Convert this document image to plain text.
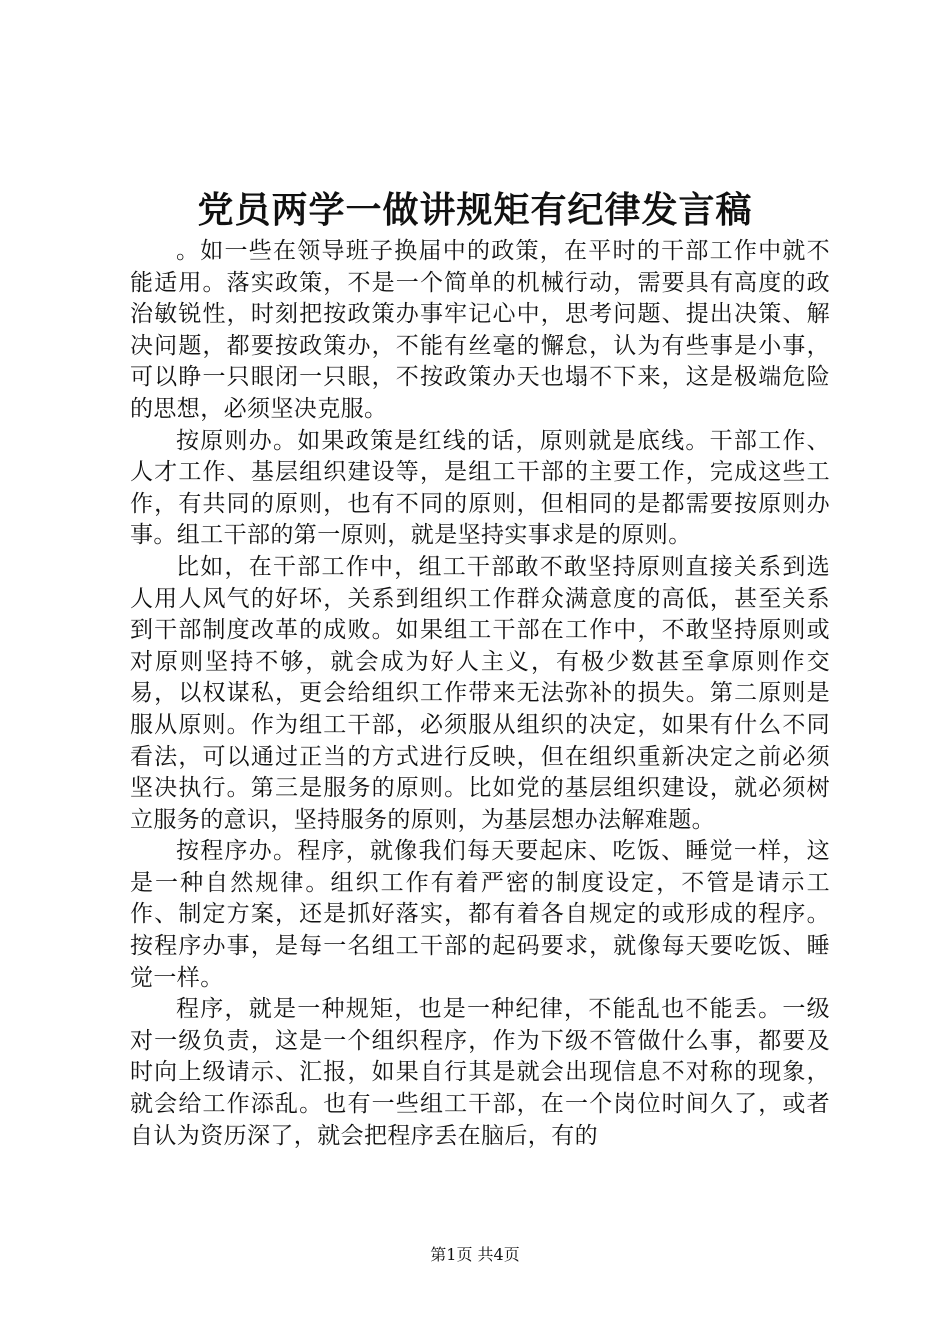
党员两学一做讲规矩有纪律发言稿

。如一些在领导班子换届中的政策，在平时的干部工作中就不能适用。落实政策，不是一个简单的机械行动，需要具有高度的政治敏锐性，时刻把按政策办事牢记心中，思考问题、提出决策、解决问题，都要按政策办，不能有丝毫的懈怠，认为有些事是小事，可以睁一只眼闭一只眼，不按政策办天也塌不下来，这是极端危险的思想，必须坚决克服。

按原则办。如果政策是红线的话，原则就是底线。干部工作、人才工作、基层组织建设等，是组工干部的主要工作，完成这些工作，有共同的原则，也有不同的原则，但相同的是都需要按原则办事。组工干部的第一原则，就是坚持实事求是的原则。

比如，在干部工作中，组工干部敢不敢坚持原则直接关系到选人用人风气的好坏，关系到组织工作群众满意度的高低，甚至关系到干部制度改革的成败。如果组工干部在工作中，不敢坚持原则或对原则坚持不够，就会成为好人主义，有极少数甚至拿原则作交易，以权谋私，更会给组织工作带来无法弥补的损失。第二原则是服从原则。作为组工干部，必须服从组织的决定，如果有什么不同看法，可以通过正当的方式进行反映，但在组织重新决定之前必须坚决执行。第三是服务的原则。比如党的基层组织建设，就必须树立服务的意识，坚持服务的原则，为基层想办法解难题。

按程序办。程序，就像我们每天要起床、吃饭、睡觉一样，这是一种自然规律。组织工作有着严密的制度设定，不管是请示工作、制定方案，还是抓好落实，都有着各自规定的或形成的程序。按程序办事，是每一名组工干部的起码要求，就像每天要吃饭、睡觉一样。

程序，就是一种规矩，也是一种纪律，不能乱也不能丢。一级对一级负责，这是一个组织程序，作为下级不管做什么事，都要及时向上级请示、汇报，如果自行其是就会出现信息不对称的现象，就会给工作添乱。也有一些组工干部，在一个岗位时间久了，或者自认为资历深了，就会把程序丢在脑后，有的

第1页 共4页
